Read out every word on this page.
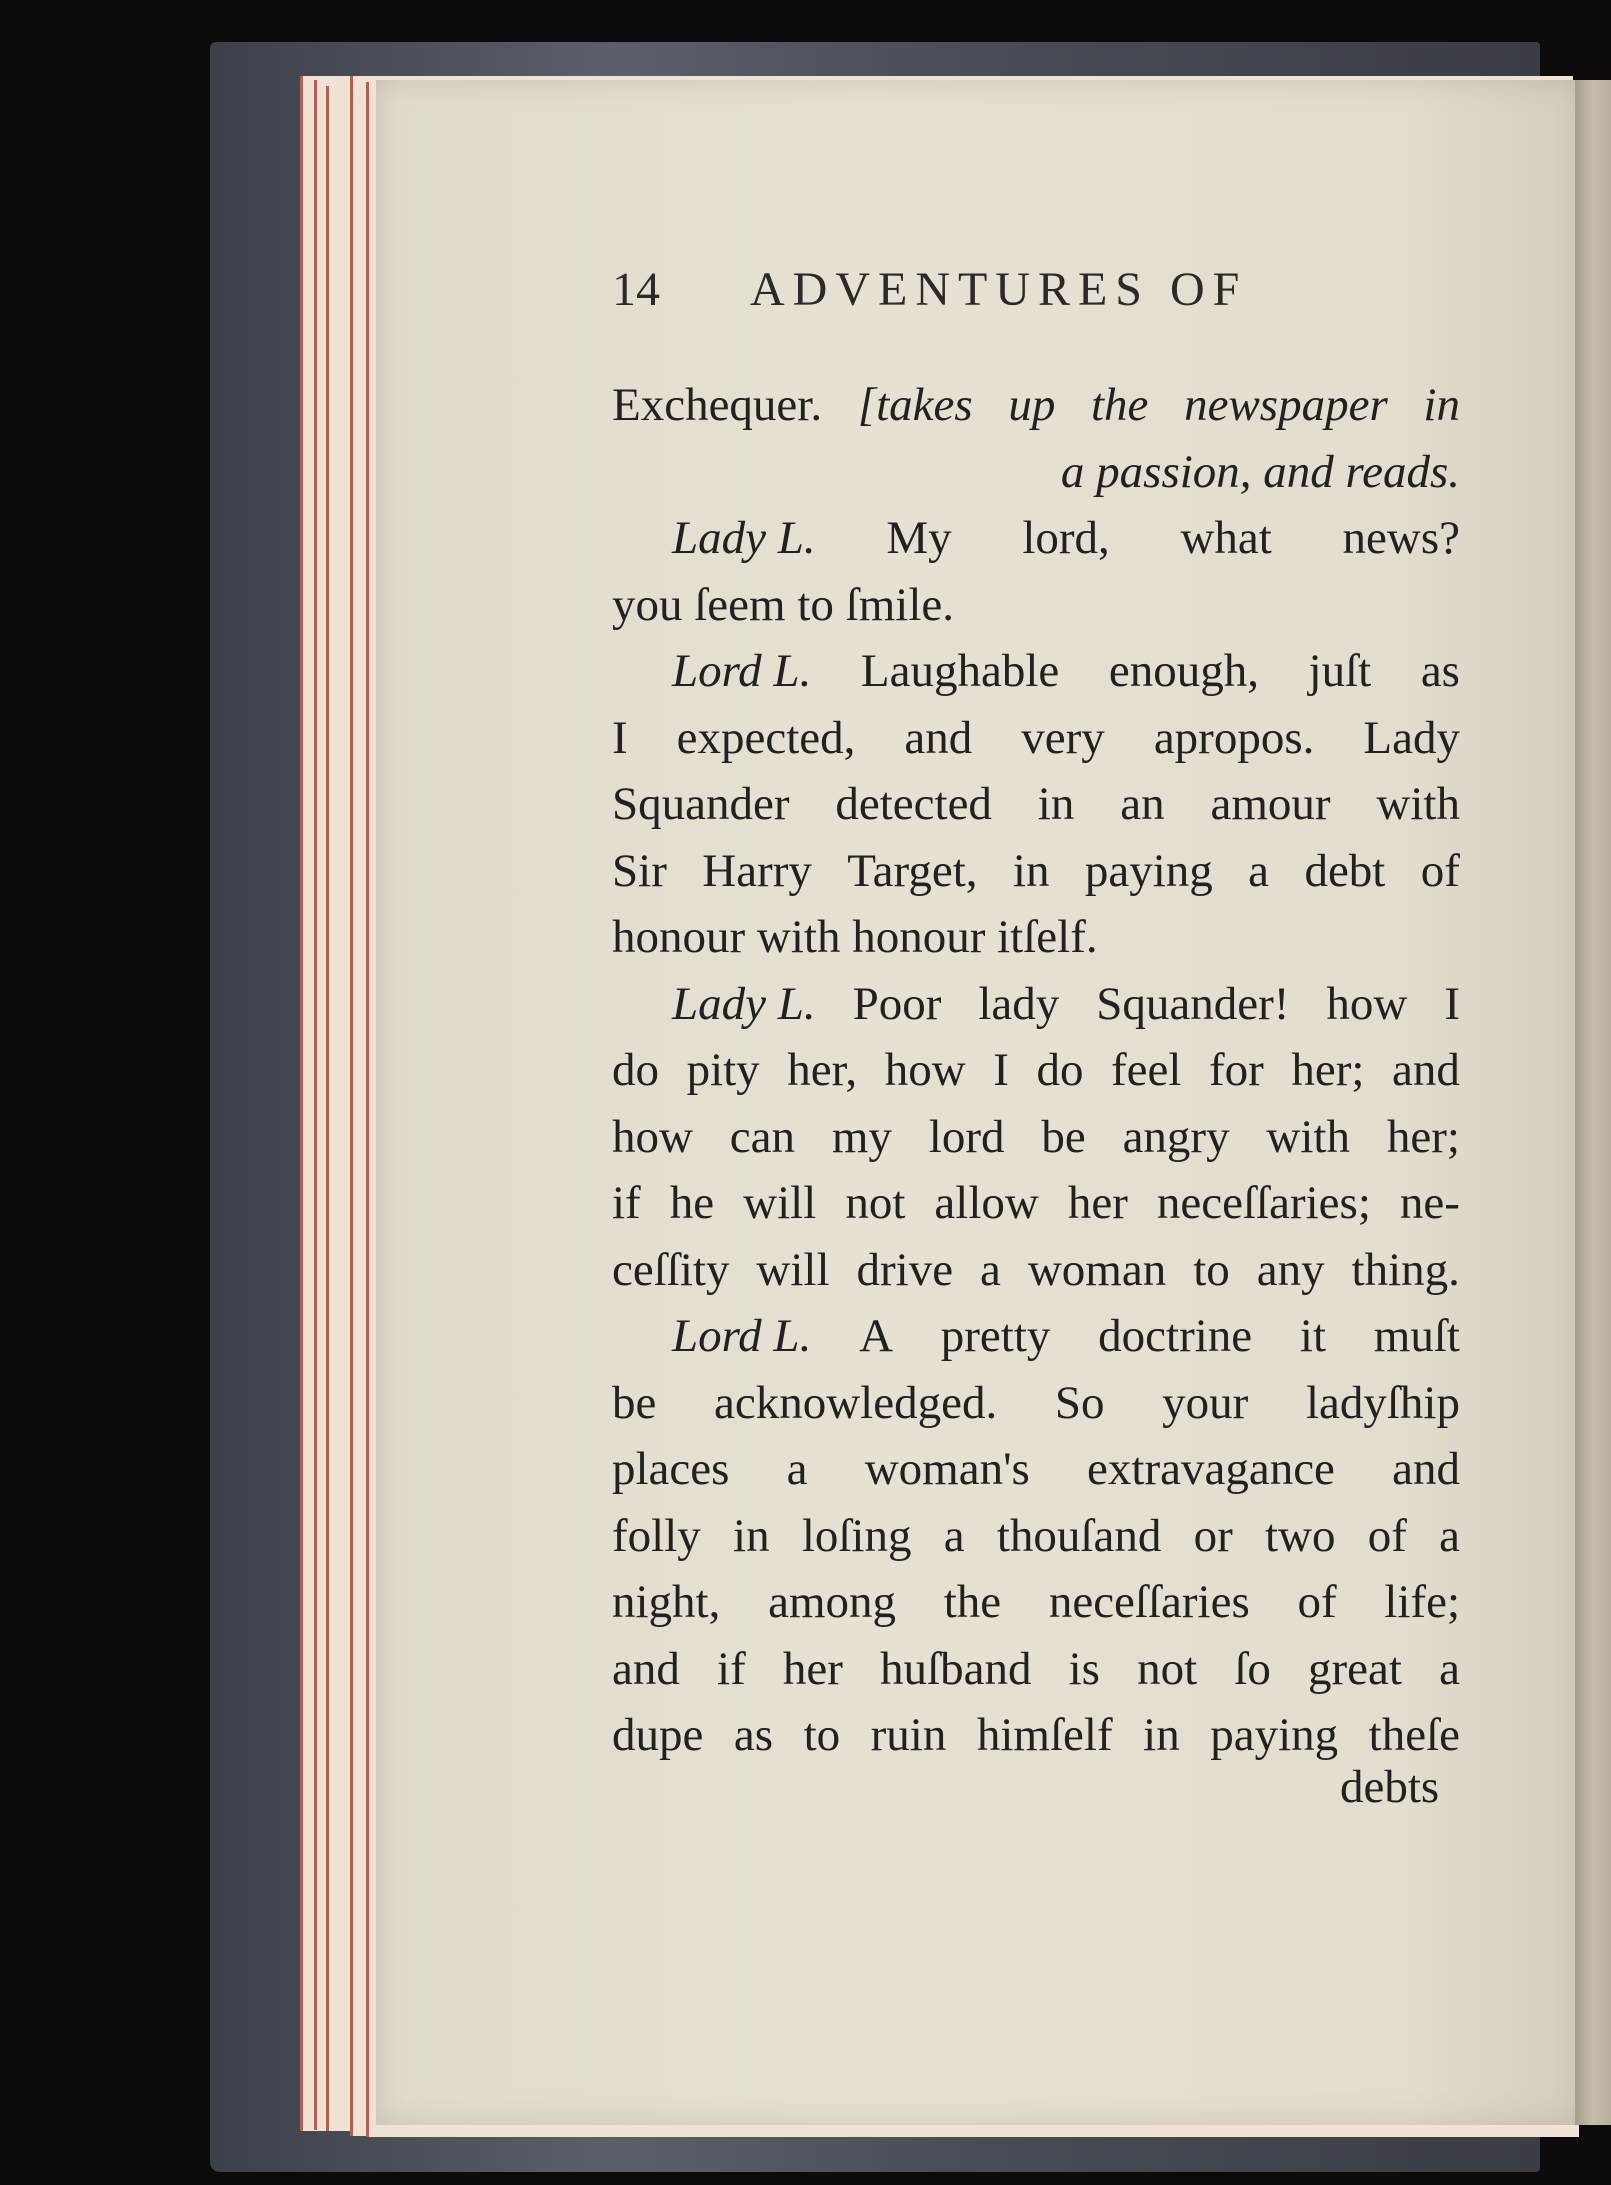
14 ADVENTURES OF
Exchequer. [takes up the newspaper in
a passion, and reads.
Lady L. My lord, what news?
you ſeem to ſmile.
Lord L. Laughable enough, juſt as
I expected, and very apropos. Lady
Squander detected in an amour with
Sir Harry Target, in paying a debt of
honour with honour itſelf.
Lady L. Poor lady Squander! how I
do pity her, how I do feel for her; and
how can my lord be angry with her;
if he will not allow her neceſſaries; ne-
ceſſity will drive a woman to any thing.
Lord L. A pretty doctrine it muſt
be acknowledged. So your ladyſhip
places a woman's extravagance and
folly in loſing a thouſand or two of a
night, among the neceſſaries of life;
and if her huſband is not ſo great a
dupe as to ruin himſelf in paying theſe
debts
